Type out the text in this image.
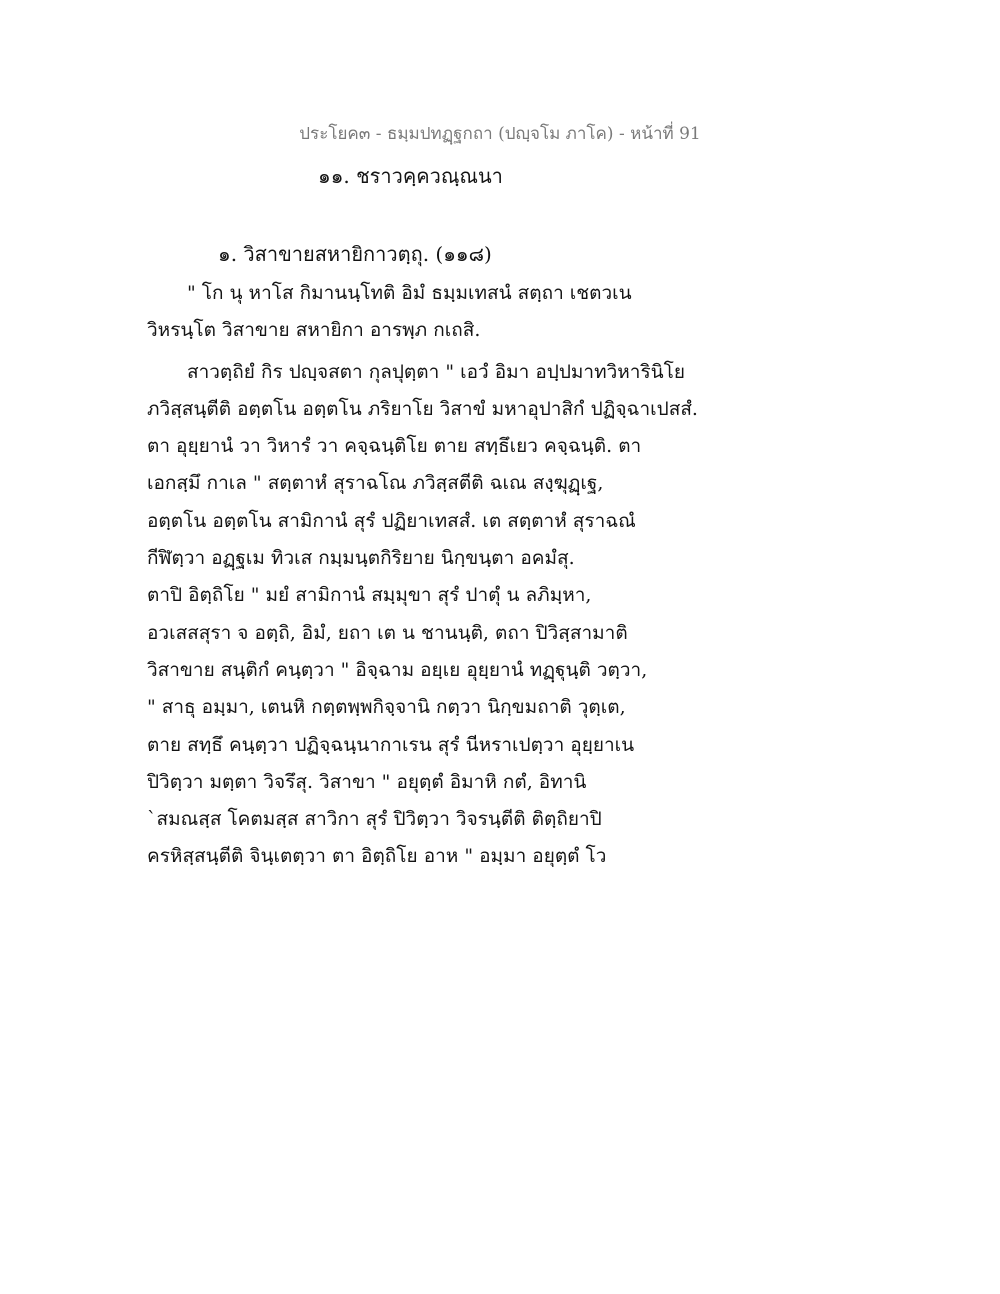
ประโยค๓ - ธมฺมปทฏฺฐกถา (ปญฺจโม ภาโค) - หน้าที่ 91
๑๑. ชราวคฺควณฺณนา
๑. วิสาขายสหายิกาวตฺถุ. (๑๑๘)
" โก นุ หาโส กิมานนฺโทติ อิมํ ธมฺมเทสนํ สตฺถา เชตวเน
วิหรนฺโต วิสาขาย สหายิกา อารพฺภ กเถสิ.
สาวตฺถิยํ กิร ปญฺจสตา กุลปุตฺตา " เอวํ อิมา อปฺปมาทวิหารินิโย
ภวิสฺสนฺตีติ อตฺตโน อตฺตโน ภริยาโย วิสาขํ มหาอุปาสิกํ ปฏิจฺฉาเปสสํ.
ตา อุยฺยานํ วา วิหารํ วา คจฺฉนฺติโย ตาย สทฺธึเยว คจฺฉนฺติ. ตา
เอกสฺมึ กาเล " สตฺตาหํ สุราฉโณ ภวิสฺสตีติ ฉเณ สงฺฆุฏฺเฐ,
อตฺตโน อตฺตโน สามิกานํ สุรํ ปฏิยาเทสสํ. เต สตฺตาหํ สุราฉณํ
กีฬิตฺวา อฏฺฐเม ทิวเส กมฺมนฺตกิริยาย นิกฺขนฺตา อคมํสุ.
ตาปิ อิตฺถิโย " มยํ สามิกานํ สมฺมุขา สุรํ ปาตุํ น ลภิมฺหา,
อวเสสสุรา จ อตฺถิ, อิมํ, ยถา เต น ชานนฺติ, ตถา ปิวิสฺสามาติ
วิสาขาย สนฺติกํ คนฺตฺวา " อิจฺฉาม อยฺเย อุยฺยานํ ทฏฺฐุนฺติ วตฺวา,
" สาธุ อมฺมา, เตนหิ กตฺตพฺพกิจฺจานิ กตฺวา นิกฺขมถาติ วุตฺเต,
ตาย สทฺธึ คนฺตฺวา ปฏิจฺฉนฺนากาเรน สุรํ นีหราเปตฺวา อุยฺยาเน
ปิวิตฺวา มตฺตา วิจรึสุ. วิสาขา " อยุตฺตํ อิมาหิ กตํ, อิทานิ
`สมณสฺส โคตมสฺส สาวิกา สุรํ ปิวิตฺวา วิจรนฺตีติ ติตฺถิยาปิ
ครหิสฺสนฺตีติ จินฺเตตฺวา ตา อิตฺถิโย อาห " อมฺมา อยุตฺตํ โว
